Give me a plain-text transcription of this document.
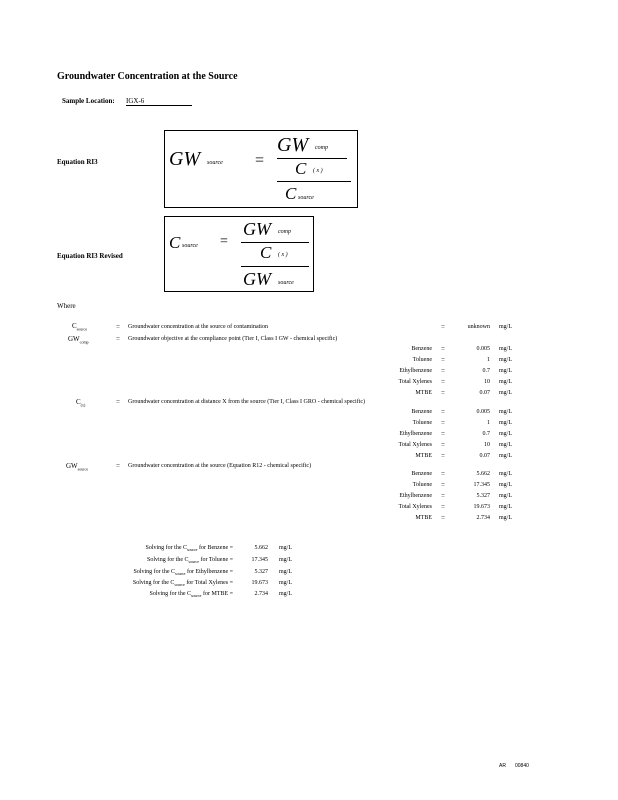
Groundwater Concentration at the Source
Sample Location: IGX-6
Equation RI3	GW source =
GW comp
C ( x )
C source
Equation RI3 Revised
C source =
GW comp
C ( x )
GW source
Where
$C_{source}$	= Groundwater concentration at the source of contamination	=	unknown mg/L
$GW_{comp}$	= Groundwater objective at the compliance point (Tier I, Class I GW - chemical specific)
Benzene =	0.005 mg/L
Toluene =	1 mg/L
Ethylbenzene =	0.7 mg/L
Total Xylenes =	10 mg/L
MTBE =	0.07 mg/L
$C_{(x)}$	= Groundwater concentration at distance X from the source (Tier I, Class I GRO - chemical specific)
Benzene =	0.005 mg/L
Toluene =	1 mg/L
Ethylbenzene =	0.7 mg/L
Total Xylenes =	10 mg/L
MTBE =	0.07 mg/L
$GW_{source}$	= Groundwater concentration at the source (Equation R12 - chemical specific)
Benzene =	5.662 mg/L
Toluene =	17.345 mg/L
Ethylbenzene =	5.327 mg/L
Total Xylenes =	19.673 mg/L
MTBE =	2.734 mg/L
Solving for the $C_{source}$ for Benzene =	5.662 mg/L
Solving for the $C_{source}$ for Toluene =	17.345 mg/L
Solving for the $C_{source}$ for Ethylbenzene =	5.327 mg/L
Solving for the $C_{source}$ for Total Xylenes =	19.673 mg/L
Solving for the $C_{source}$ for MTBE =	2.734 mg/L
AR 00840
